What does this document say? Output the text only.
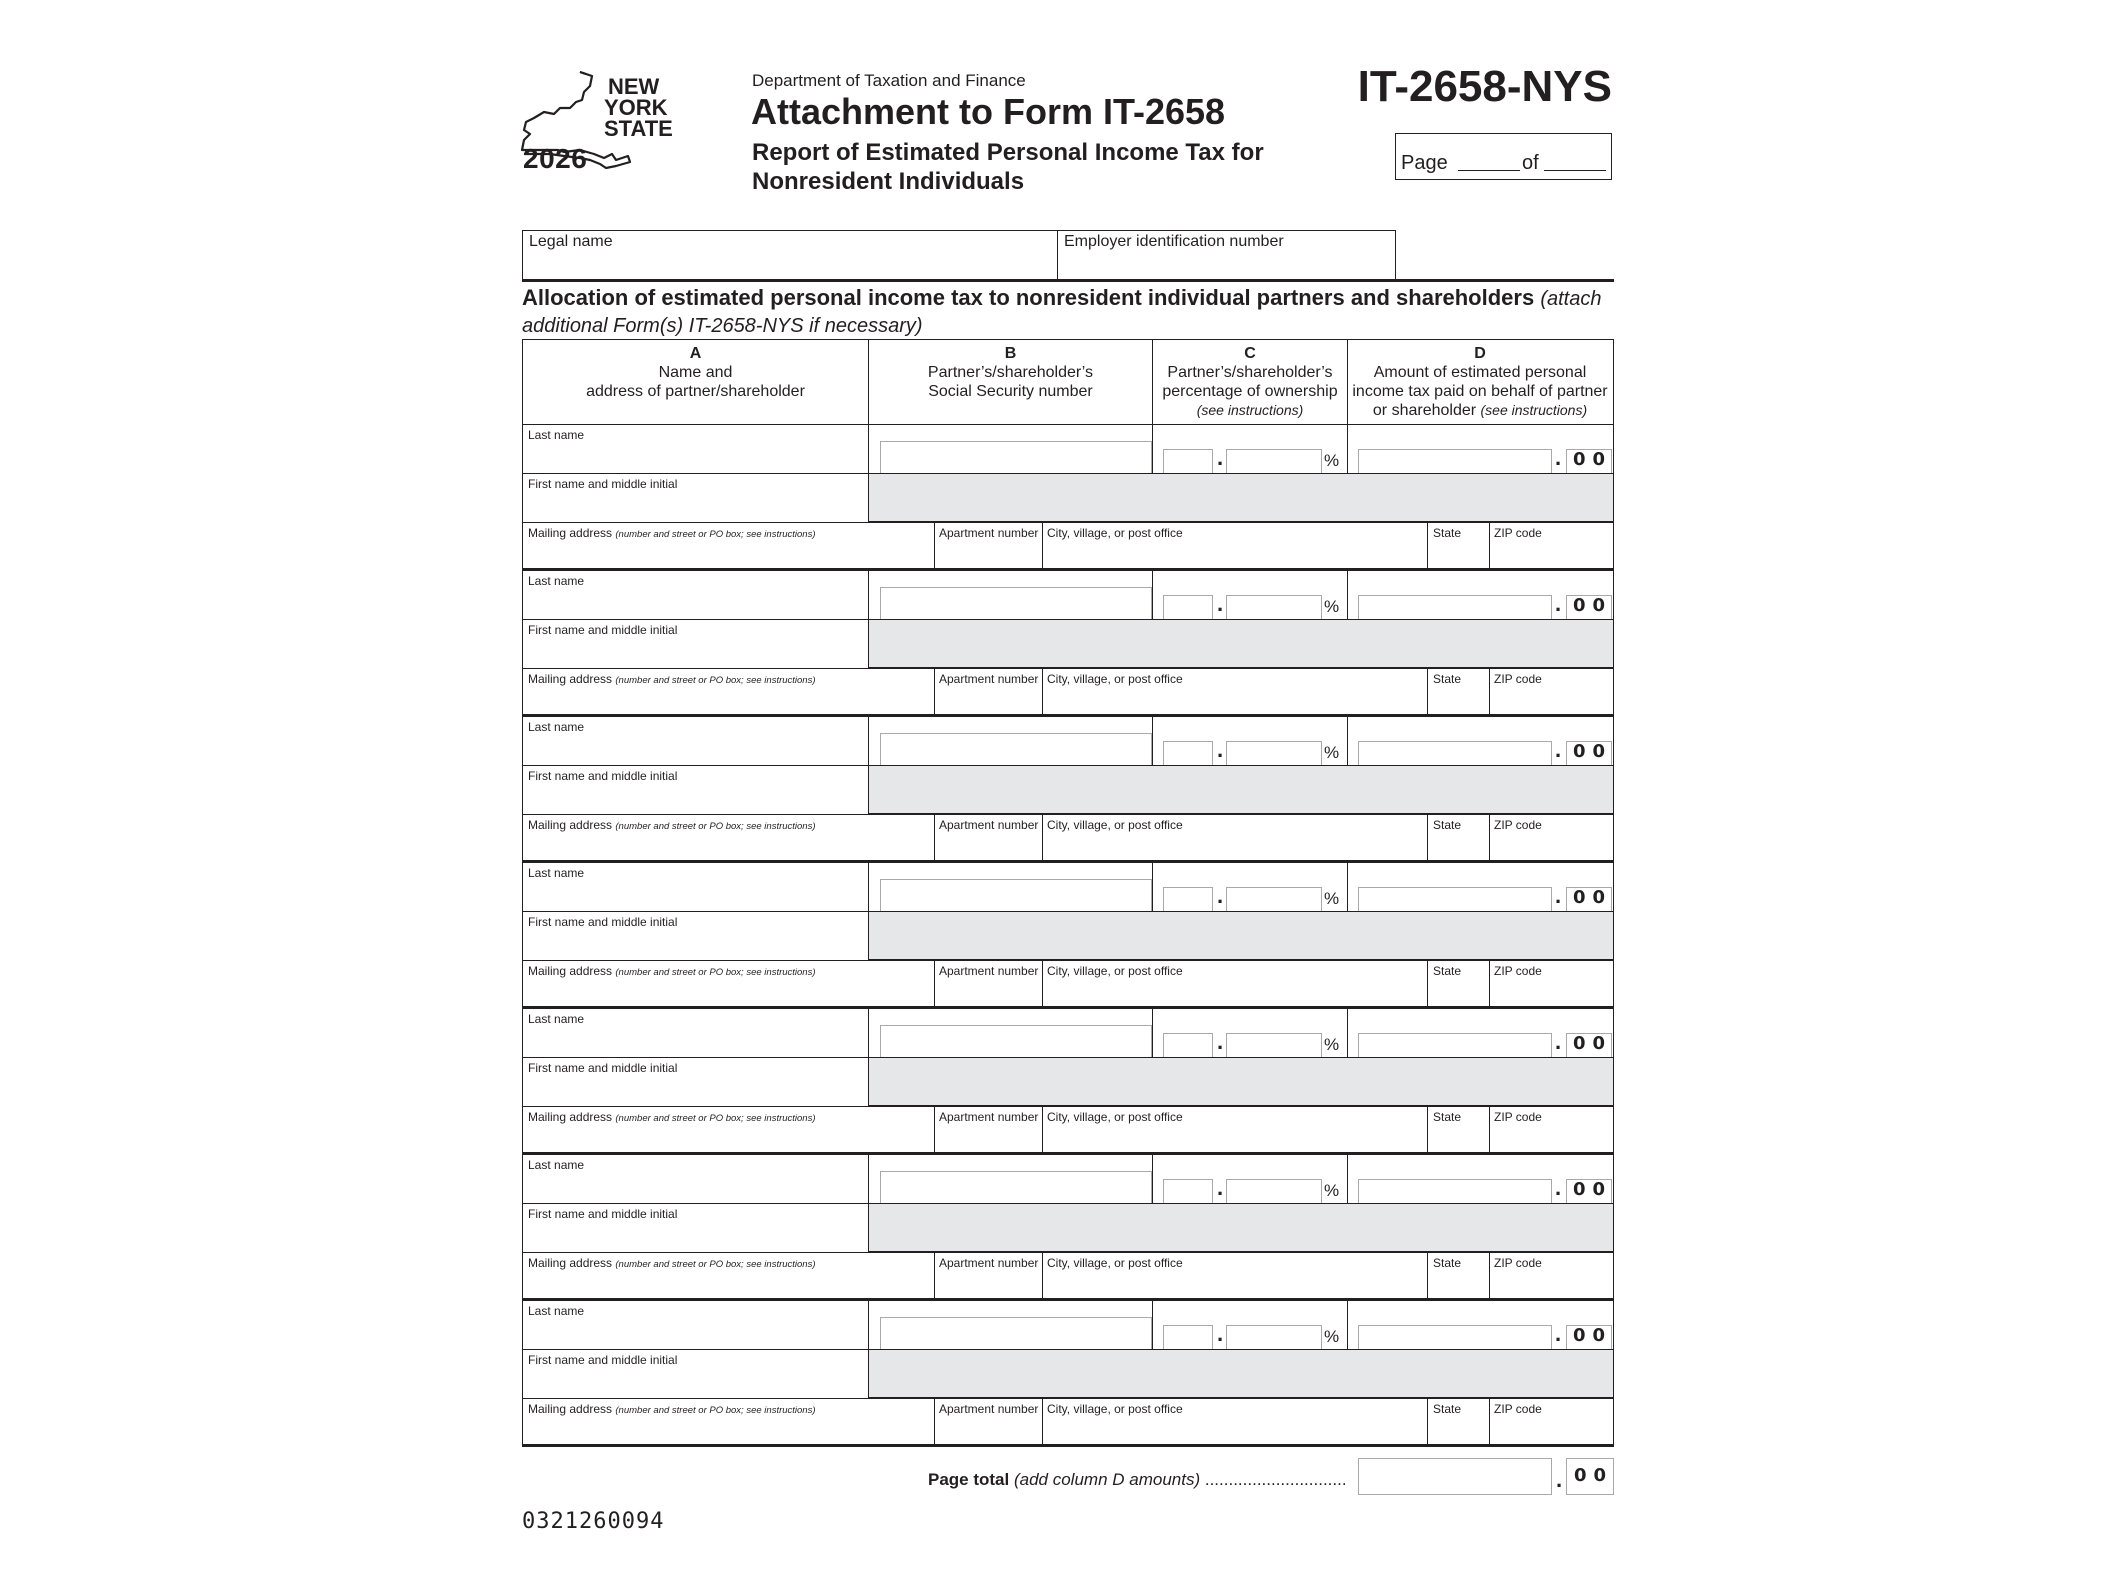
NEW
YORK
STATE
2026
Department of Taxation and Finance
Attachment to Form IT-2658
Report of Estimated Personal Income Tax for
Nonresident Individuals
IT-2658-NYS
Page	of
Legal name	Employer identification number
Allocation of estimated personal income tax to nonresident individual partners and shareholders (attach
additional Form(s) IT-2658-NYS if necessary)
A
Name and
address of partner/shareholder
B
Partner’s/shareholder’s
Social Security number
C
Partner’s/shareholder’s
percentage of ownership
(see instructions)
D
Amount of estimated personal
income tax paid on behalf of partner
or shareholder (see instructions)
Last name
First name and middle initial
.	%	. 00
Mailing address (number and street or PO box; see instructions)	Apartment number City, village, or post office	State	ZIP code
Last name
First name and middle initial
.	%	. 00
Mailing address (number and street or PO box; see instructions)	Apartment number City, village, or post office	State	ZIP code
Last name
First name and middle initial
.	%	. 00
Mailing address (number and street or PO box; see instructions)	Apartment number City, village, or post office	State	ZIP code
Last name
First name and middle initial
.	%	. 00
Mailing address (number and street or PO box; see instructions)	Apartment number City, village, or post office	State	ZIP code
Last name
First name and middle initial
.	%	. 00
Mailing address (number and street or PO box; see instructions)	Apartment number City, village, or post office	State	ZIP code
Last name
First name and middle initial
.	%	. 00
Mailing address (number and street or PO box; see instructions)	Apartment number City, village, or post office	State	ZIP code
Last name
First name and middle initial
.	%	. 00
Mailing address (number and street or PO box; see instructions)	Apartment number City, village, or post office	State	ZIP code
Page total (add column D amounts) ..............................	. 00
0321260094
